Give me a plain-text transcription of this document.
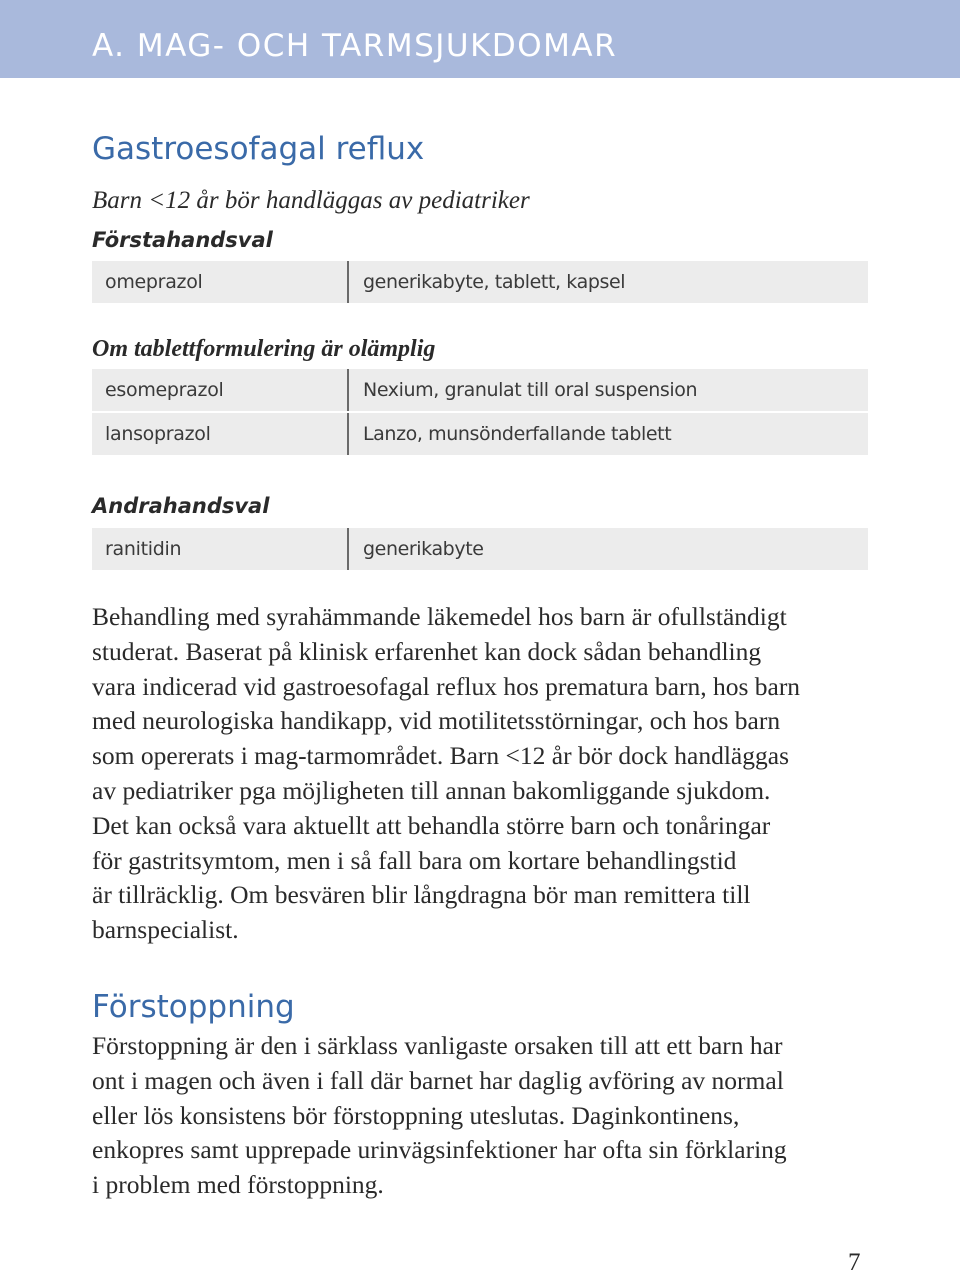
A. MAG- OCH TARMSJUKDOMAR
Gastroesofagal reflux
Barn <12 år bör handläggas av pediatriker
Förstahandsval
omeprazol	generikabyte, tablett, kapsel
Om tablettformulering är olämplig
esomeprazol	Nexium, granulat till oral suspension
lansoprazol	Lanzo, munsönderfallande tablett
Andrahandsval
ranitidin	generikabyte
Behandling med syrahämmande läkemedel hos barn är ofullständigt
studerat. Baserat på klinisk erfarenhet kan dock sådan behandling
vara indicerad vid gastroesofagal reflux hos prematura barn, hos barn
med neurologiska handikapp, vid motilitetsstörningar, och hos barn
som opererats i mag-tarmområdet. Barn <12 år bör dock handläggas
av pediatriker pga möjligheten till annan bakomliggande sjukdom.
Det kan också vara aktuellt att behandla större barn och tonåringar
för gastritsymtom, men i så fall bara om kortare behandlingstid
är tillräcklig. Om besvären blir långdragna bör man remittera till
barnspecialist.
Förstoppning
Förstoppning är den i särklass vanligaste orsaken till att ett barn har
ont i magen och även i fall där barnet har daglig avföring av normal
eller lös konsistens bör förstoppning uteslutas. Daginkontinens,
enkopres samt upprepade urinvägsinfektioner har ofta sin förklaring
i problem med förstoppning.
7
